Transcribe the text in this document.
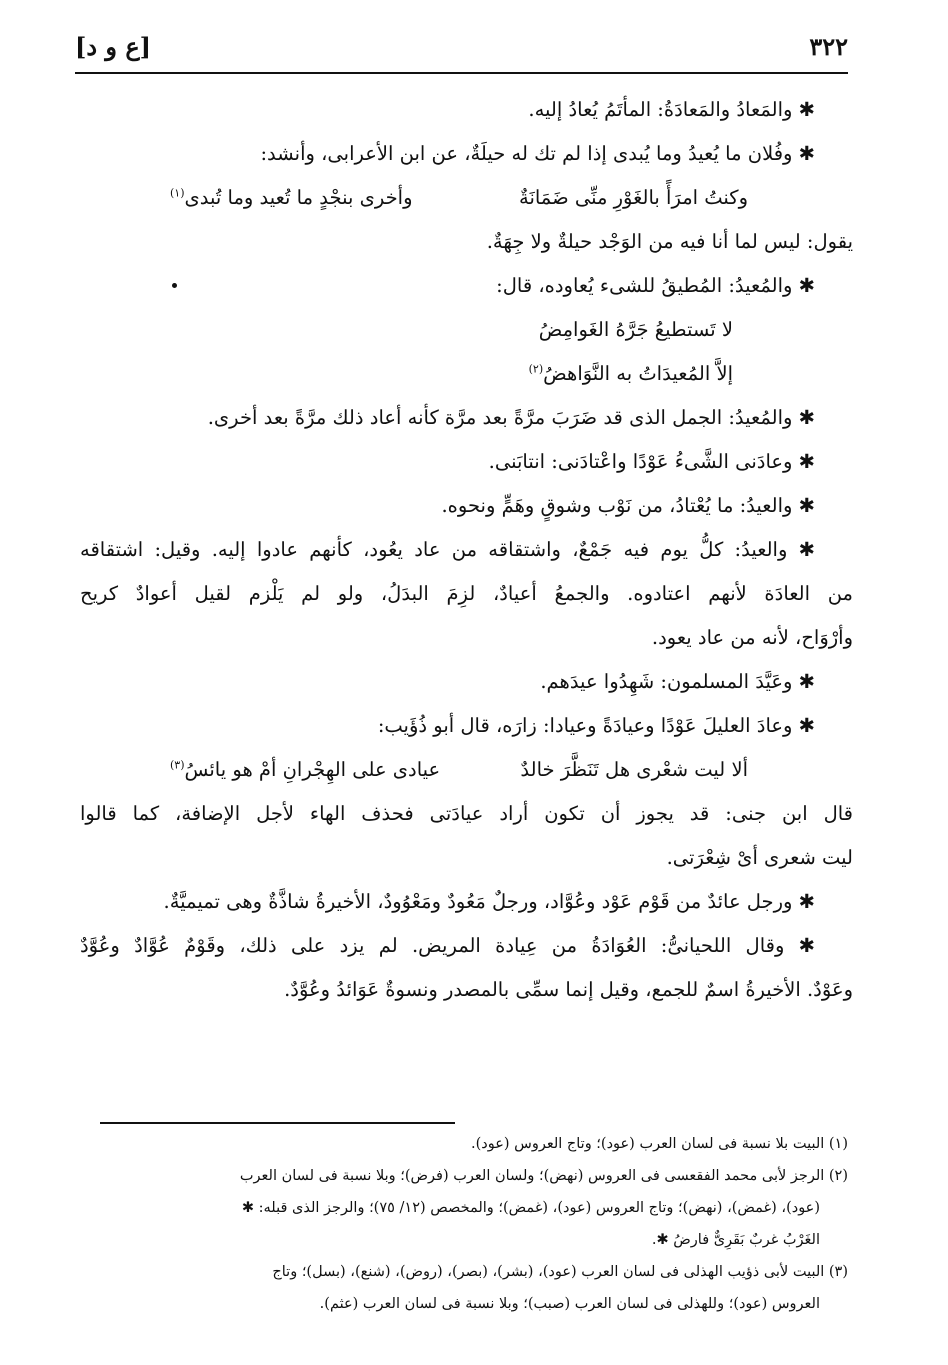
٣٢٢
[ع و د]
✱ والمَعادُ والمَعادَةُ: المأتَمُ يُعادُ إليه.
✱ وفُلان ما يُعيدُ وما يُبدى إذا لم تك له حيلَةٌ، عن ابن الأعرابى، وأنشد:
وكنتُ امرَأً بالغَوْرِ منِّى ضَمَانَةٌ
وأخرى بنجْدٍ ما تُعيد وما تُبدى$^{(١)}$
يقول: ليس لما أنا فيه من الوَجْد حيلةٌ ولا جِهَةٌ.
✱ والمُعيدُ: المُطيقُ للشىء يُعاوده، قال:
لا تَستطيعُ جَرَّهُ الغَوامِضُ
إلاَّ المُعيدَاتُ به النَّوَاهضُ$^{(٢)}$
✱ والمُعيدُ: الجمل الذى قد ضَرَبَ مرَّةً بعد مرَّة كأنه أعاد ذلك مرَّةً بعد أخرى.
✱ وعادَنى الشَّىءُ عَوْدًا واعْتادَنى: انتابَنى.
✱ والعيدُ: ما يُعْتادُ، من نَوْب وشوقٍ وهَمٍّ ونحوه.
✱ والعيدُ: كلُّ يوم فيه جَمْعٌ، واشتقاقه من عاد يعُود، كأنهم عادوا إليه. وقيل: اشتقاقه
من العادَة لأنهم اعتادوه. والجمعُ أعيادٌ، لزِمَ البدَلُ، ولو لم يَلْزم لقيل أعوادٌ كريح
وأرْوَاح، لأنه من عاد يعود.
✱ وعَيَّدَ المسلمون: شَهِدُوا عيدَهم.
✱ وعادَ العليلَ عَوْدًا وعيادَةً وعيادا: زارَه، قال أبو ذُؤَيب:
ألا ليت شعْرى هل تَنَظَّرَ خالدٌ
عيادى على الهِجْرانِ أمْ هو يائسُ$^{(٣)}$
قال ابن جنى: قد يجوز أن تكون أراد عيادَتى فحذف الهاء لأجل الإضافة، كما قالوا
ليت شعرى أىْ شِعْرَتى.
✱ ورجل عائدٌ من قَوْم عَوْد وعُوَّاد، ورجلٌ مَعُودٌ ومَعْوُودٌ، الأخيرةُ شاذَّةٌ وهى تميميَّةٌ.
✱ وقال اللحيانىُّ: العُوَادَةُ من عِيادة المريض. لم يزد على ذلك، وقَوْمٌ عُوَّادٌ وعُوَّدٌ
وعَوْدٌ. الأخيرةُ اسمٌ للجمع، وقيل إنما سمِّى بالمصدر ونسوةٌ عَوَائدُ وعُوَّدٌ.
(١) البيت بلا نسبة فى لسان العرب (عود)؛ وتاج العروس (عود).
(٢) الرجز لأبى محمد الفقعسى فى العروس (نهض)؛ ولسان العرب (فرض)؛ وبلا نسبة فى لسان العرب
(عود)، (غمض)، (نهض)؛ وتاج العروس (عود)، (غمض)؛ والمخصص (١٢/ ٧٥)؛ والرجز الذى قبله: ✱
الغَرْبُ غربٌ بَقَرِىٌّ فارضُ ✱.
(٣) البيت لأبى ذؤيب الهذلى فى لسان العرب (عود)، (بشر)، (بصر)، (روض)، (شنع)، (بسل)؛ وتاج
العروس (عود)؛ وللهذلى فى لسان العرب (صبب)؛ وبلا نسبة فى لسان العرب (عثم).
